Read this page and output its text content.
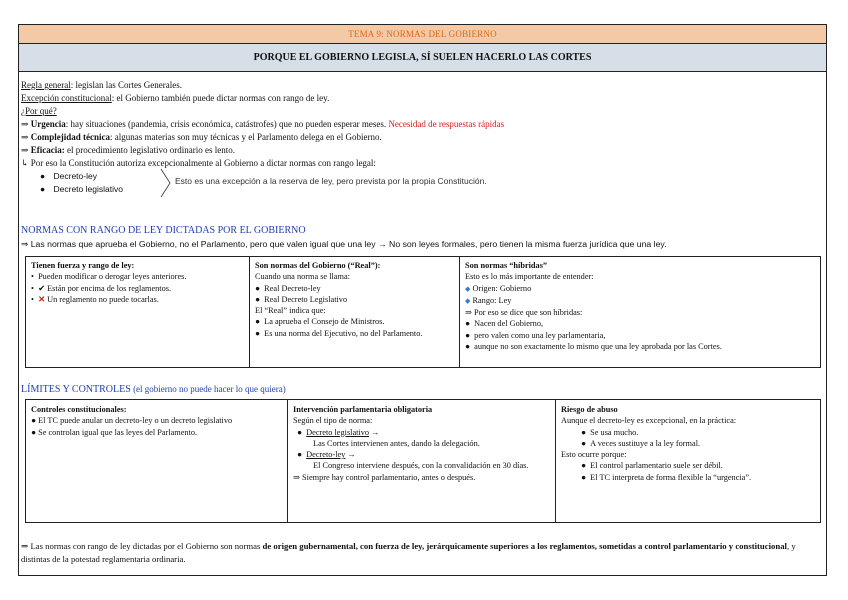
TEMA 9: NORMAS DEL GOBIERNO
PORQUE EL GOBIERNO LEGISLA, SÍ SUELEN HACERLO LAS CORTES
Regla general: legislan las Cortes Generales.
Excepción constitucional: el Gobierno también puede dictar normas con rango de ley.
¿Por qué?
⇒ Urgencia: hay situaciones (pandemia, crisis económica, catástrofes) que no pueden esperar meses. Necesidad de respuestas rápidas
⇒ Complejidad técnica: algunas materias son muy técnicas y el Parlamento delega en el Gobierno.
⇒ Eficacia: el procedimiento legislativo ordinario es lento.
↳ Por eso la Constitución autoriza excepcionalmente al Gobierno a dictar normas con rango legal:
● Decreto-ley
● Decreto legislativo
Esto es una excepción a la reserva de ley, pero prevista por la propia Constitución.
NORMAS CON RANGO DE LEY DICTADAS POR EL GOBIERNO
⇒ Las normas que aprueba el Gobierno, no el Parlamento, pero que valen igual que una ley → No son leyes formales, pero tienen la misma fuerza jurídica que una ley.
Tienen fuerza y rango de ley:
•  Pueden modificar o derogar leyes anteriores.
•  ✔ Están por encima de los reglamentos.
•  ✕ Un reglamento no puede tocarlas.
Son normas del Gobierno (“Real”):
Cuando una norma se llama:
●  Real Decreto-ley
●  Real Decreto Legislativo
El “Real” indica que:
●  La aprueba el Consejo de Ministros.
●  Es una norma del Ejecutivo, no del Parlamento.
Son normas “híbridas”
Esto es lo más importante de entender:
◆ Origen: Gobierno
◆ Rango: Ley
⇒ Por eso se dice que son híbridas:
●  Nacen del Gobierno,
●  pero valen como una ley parlamentaria,
●  aunque no son exactamente lo mismo que una ley aprobada por las Cortes.
LÍMITES Y CONTROLES (el gobierno no puede hacer lo que quiera)
Controles constitucionales:
● El TC puede anular un decreto-ley o un decreto legislativo
● Se controlan igual que las leyes del Parlamento.
Intervención parlamentaria obligatoria
Según el tipo de norma:
● Decreto legislativo →
Las Cortes intervienen antes, dando la delegación.
● Decreto-ley →

El Congreso interviene después, con la convalidación en 30 días.
⇒ Siempre hay control parlamentario, antes o después.
Riesgo de abuso
Aunque el decreto-ley es excepcional, en la práctica:
●  Se usa mucho.
●  A veces sustituye a la ley formal.
Esto ocurre porque:
●  El control parlamentario suele ser débil.
●  El TC interpreta de forma flexible la “urgencia”.
⇒ Las normas con rango de ley dictadas por el Gobierno son normas de origen gubernamental, con fuerza de ley, jerárquicamente superiores a los reglamentos, sometidas a control parlamentario y constitucional, y distintas de la potestad reglamentaria ordinaria.
